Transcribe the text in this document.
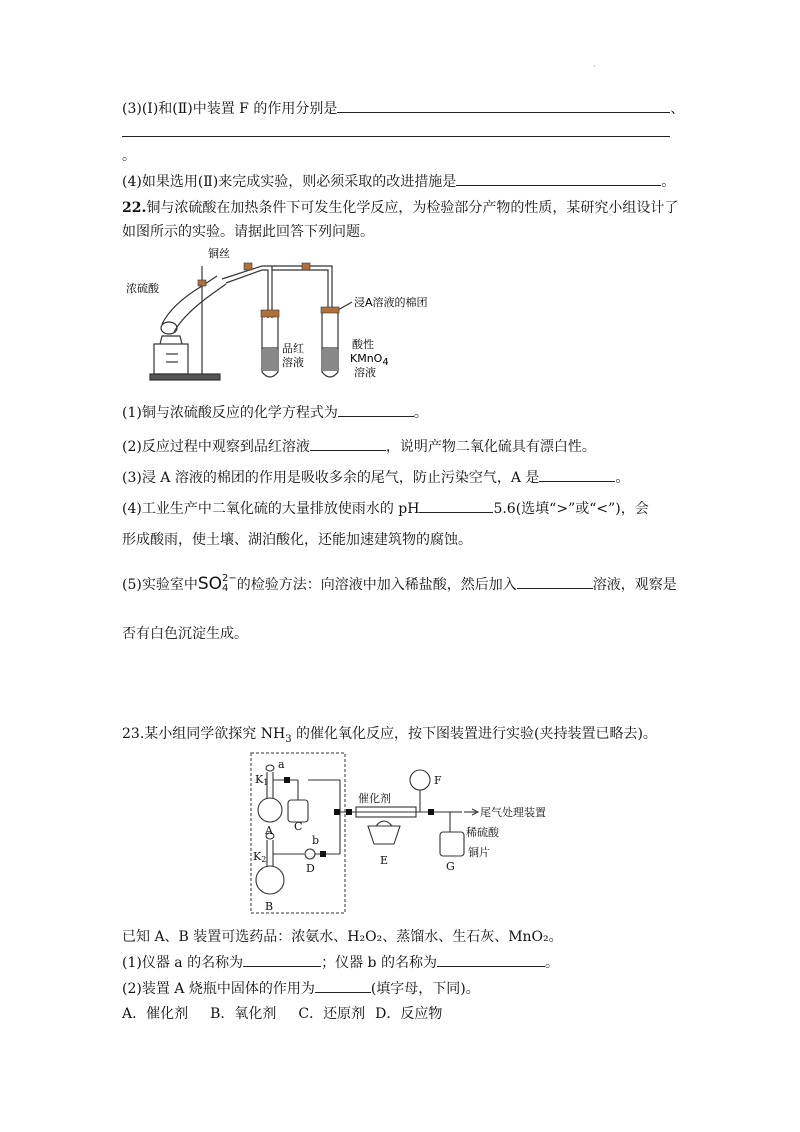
·
(3)(Ⅰ)和(Ⅱ)中装置 F 的作用分别是	、
。
(4)如果选用(Ⅱ)来完成实验，则必须采取的改进措施是	。
22.铜与浓硫酸在加热条件下可发生化学反应，为检验部分产物的性质，某研究小组设计了
如图所示的实验。请据此回答下列问题。
铜丝
浓硫酸
浸A溶液的棉团
品红
溶液
酸性
KMnO4
溶液
(1)铜与浓硫酸反应的化学方程式为	。
(2)反应过程中观察到品红溶液	，说明产物二氧化硫具有漂白性。
(3)浸 A 溶液的棉团的作用是吸收多余的尾气，防止污染空气，A 是	。
(4)工业生产中二氧化硫的大量排放使雨水的 pH	5.6(选填“>”或“<”)，会
形成酸雨，使土壤、湖泊酸化，还能加速建筑物的腐蚀。
(5)实验室中SO 2−
4 的检验方法：向溶液中加入稀盐酸，然后加入	溶液，观察是
否有白色沉淀生成。
23.某小组同学欲探究 $NH_3$ 的催化氧化反应，按下图装置进行实验(夹持装置已略去)。
K1
a
A C
K2
b
D
B
催化剂
E
F
尾气处理装置
稀硫酸
铜片
G
已知 A、B 装置可选药品：浓氨水、H₂O₂、蒸馏水、生石灰、MnO₂。
(1)仪器 a 的名称为	；仪器 b 的名称为	。
(2)装置 A 烧瓶中固体的作用为	(填字母，下同)。
A．催化剂 B．氧化剂 C．还原剂 D．反应物
